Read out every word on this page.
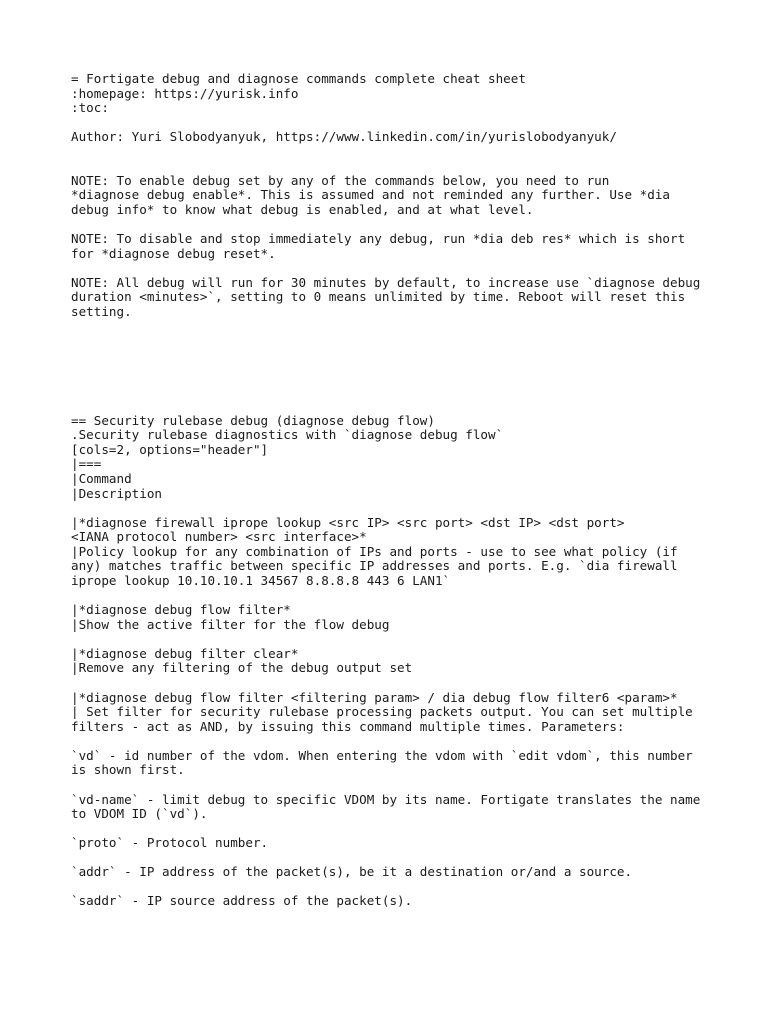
= Fortigate debug and diagnose commands complete cheat sheet
:homepage: https://yurisk.info
:toc:
Author: Yuri Slobodyanyuk, https://www.linkedin.com/in/yurislobodyanyuk/
NOTE: To enable debug set by any of the commands below, you need to run
*diagnose debug enable*. This is assumed and not reminded any further. Use *dia
debug info* to know what debug is enabled, and at what level.
NOTE: To disable and stop immediately any debug, run *dia deb res* which is short
for *diagnose debug reset*.
NOTE: All debug will run for 30 minutes by default, to increase use `diagnose debug
duration <minutes>`, setting to 0 means unlimited by time. Reboot will reset this
setting.
== Security rulebase debug (diagnose debug flow)
.Security rulebase diagnostics with `diagnose debug flow`
[cols=2, options="header"]
|===
|Command
|Description
|*diagnose firewall iprope lookup <src IP> <src port> <dst IP> <dst port>
<IANA protocol number> <src interface>*
|Policy lookup for any combination of IPs and ports - use to see what policy (if
any) matches traffic between specific IP addresses and ports. E.g. `dia firewall
iprope lookup 10.10.10.1 34567 8.8.8.8 443 6 LAN1`
|*diagnose debug flow filter*
|Show the active filter for the flow debug
|*diagnose debug filter clear*
|Remove any filtering of the debug output set
|*diagnose debug flow filter <filtering param> / dia debug flow filter6 <param>*
| Set filter for security rulebase processing packets output. You can set multiple
filters - act as AND, by issuing this command multiple times. Parameters:
`vd` - id number of the vdom. When entering the vdom with `edit vdom`, this number
is shown first.
`vd-name` - limit debug to specific VDOM by its name. Fortigate translates the name
to VDOM ID (`vd`).
`proto` - Protocol number.
`addr` - IP address of the packet(s), be it a destination or/and a source.
`saddr` - IP source address of the packet(s).
